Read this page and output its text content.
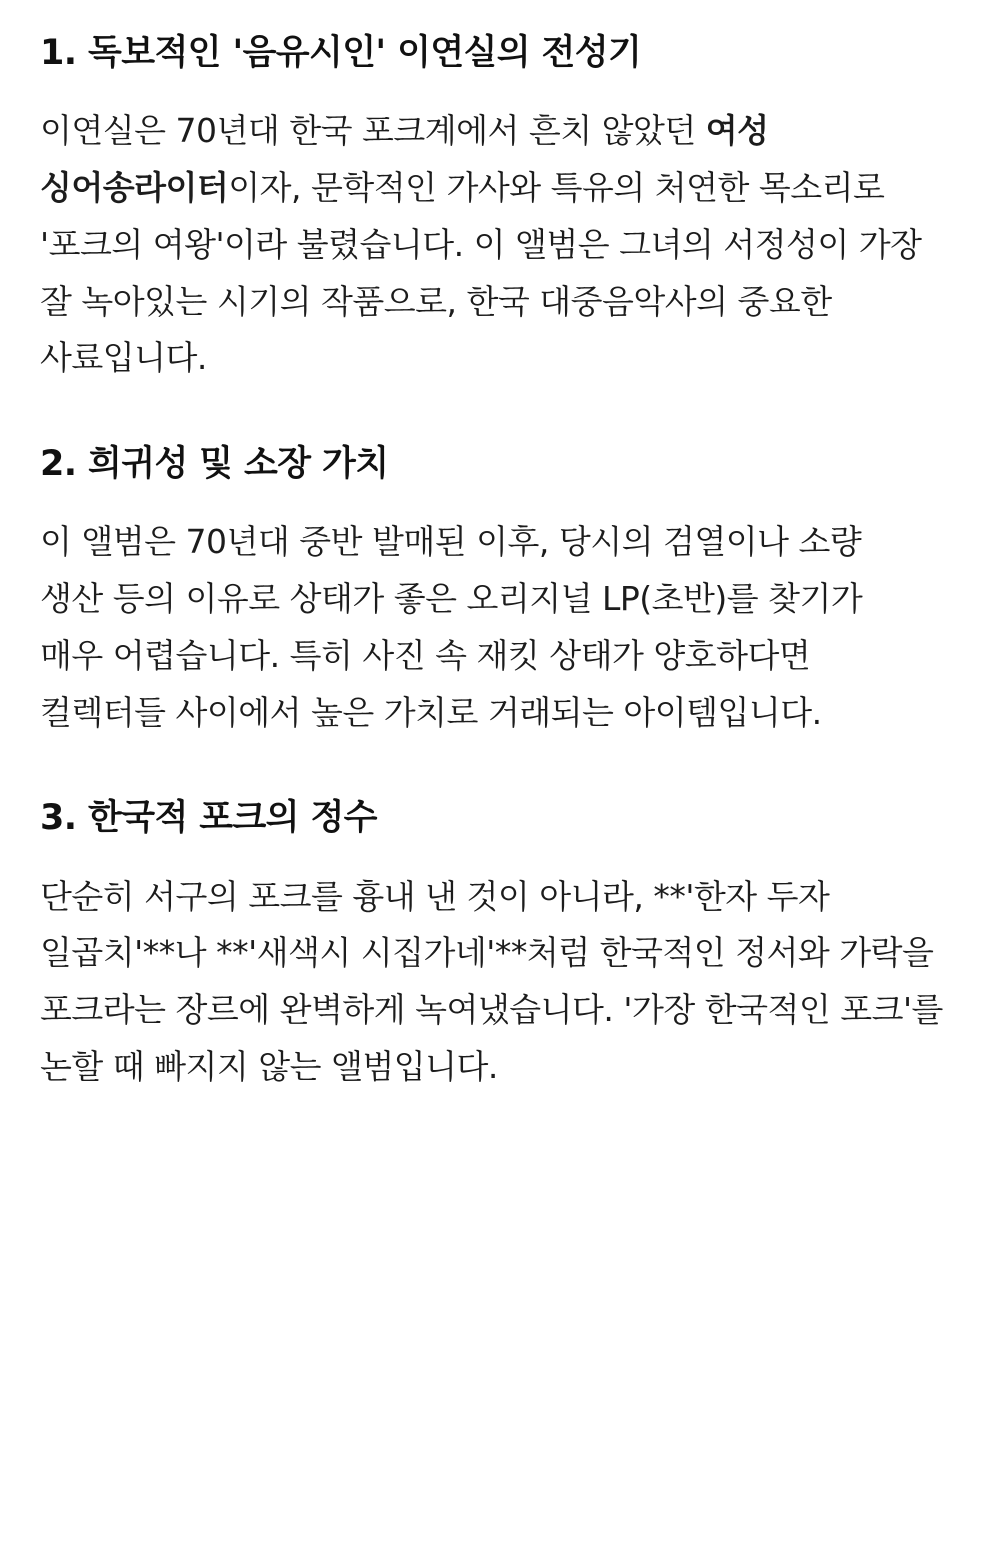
1. 독보적인 '음유시인' 이연실의 전성기

이연실은 70년대 한국 포크계에서 흔치 않았던 여성 싱어송라이터이자, 문학적인 가사와 특유의 처연한 목소리로 '포크의 여왕'이라 불렸습니다. 이 앨범은 그녀의 서정성이 가장 잘 녹아있는 시기의 작품으로, 한국 대중음악사의 중요한 사료입니다.

2. 희귀성 및 소장 가치

이 앨범은 70년대 중반 발매된 이후, 당시의 검열이나 소량 생산 등의 이유로 상태가 좋은 오리지널 LP(초반)를 찾기가 매우 어렵습니다. 특히 사진 속 재킷 상태가 양호하다면 컬렉터들 사이에서 높은 가치로 거래되는 아이템입니다.

3. 한국적 포크의 정수

단순히 서구의 포크를 흉내 낸 것이 아니라, **'한자 두자 일곱치'**나 **'새색시 시집가네'**처럼 한국적인 정서와 가락을 포크라는 장르에 완벽하게 녹여냈습니다. '가장 한국적인 포크'를 논할 때 빠지지 않는 앨범입니다.
